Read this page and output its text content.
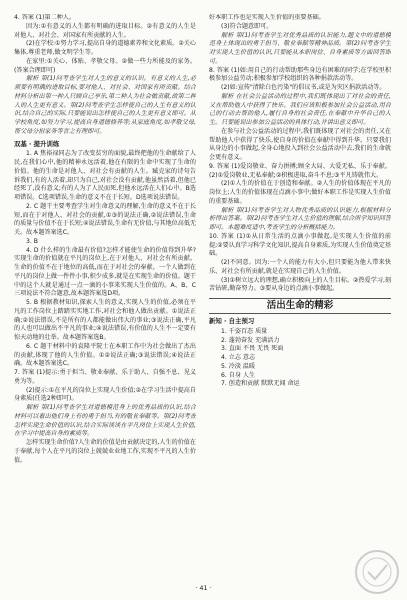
4. 答案 (1)第二种人。

因为:①有意义的人生都有明确的进取目标。②有意义的人生是对他人、对社会、对国家有所贡献的人生。

(2)在学校:①努力学习,提高自身的道德素养和文化素质。②关心集体,尊重老师,做文明学生等。

在家里:①关心、体贴、孝敬父母。②做一些力所能及的家务。(答案合理即可)

解析 第(1)问考查学生对人生的意义的认识。有意义的人生,必须要有明确的进取目标,要对他人、对社会、对国家有所贡献。结合材料分析出第一种人只顾自己享乐,第二种人为社会做贡献,故第二种人的人生更有意义。第(2)问考查学生怎样使自己的人生有意义的认识,结合自己的实际,只要能说出怎样使自己的人生更有意义即可。从学校角度,如努力学习,提高自身道德修养等;从家庭角度,如孝敬父母,帮父母分担家务等言之有理即可。

双基 · 提升训练

1. A 焦裕禄同志为了改变贫穷的面貌,最终把他的生命献给了人民,在我们心中,他的精神永远活着,他在有限的生命中实现了生命的价值。他的生命是对他人、对社会有贡献的人生。臧克家的诗句告诉我们,有的人活着,却只为自己,对社会没有贡献,他虽然活着,但他已经死了,没有意义;有的人为了人民而死,但他永远活在人们心中。B选项错误。C选项错误,生命的意义不在于长短。D选项说法错误。

2. C 题干主要考查学生对生命意义的理解,生命的意义不在于长短,而在于对他人、对社会的贡献,①③的说法正确,②说法错误,生命的质量与价值不在于长短;④说法错误,生命有无价值,与其地位高低无关。故本题答案选C。

3. B

4. D 什么样的生命最有价值?怎样才能使生命的价值得到升华?实现生命的价值就在平凡的岗位上,在于对他人、对社会有所贡献。生命的价值不在于地位的高低,而在于对社会的奉献。一个人做到在平凡的岗位上做一件件小事,积少成多,就是在实现生命的价值。题干中的这个人就是通过一点一滴的小事来实现人生价值的。A、B、C三项说法不符合题意,故本题答案选D项。

5. B 根据教材知识,探索人生的意义,实现人生的价值,必须在平凡的工作岗位上踏踏实实地工作,对社会和他人做出贡献。①说法正确;②说法错误,不是所有的人都能做出伟大的事业;③说法正确,平凡的人也可以做出不平凡的事业;④说法错误,有价值的人生不一定要有惊天动地的壮举。故本题答案选B。

6. C 题干材料中的袁隆平院士在本职工作中为社会做出了杰出的贡献,体现了他的人生价值。①②说法正确;③说法错误;④说法正确。故本题答案选C。

7. 答案 (1)提示:勇于担当、敬业奉献、乐于助人、自强不息、见义勇为等。

(2)提示:①在平凡的岗位上实现人生价值;②在学习生活中提高自身素质(任选2种即可)。

解析 第(1)问考查学生对道德模范身上的优秀品质的认识,结合材料可以看出他们身上有的勇于担当,有的敬业奉献等。第(2)问考查怎样实现生命价值的认识,结合实际谈谈在平凡岗位上实现人生价值,在学习中提高自身的素质等。

怎样实现生命价值?人生命的价值是由贡献决定的,人生的价值在于奉献,每个人在平凡的岗位上兢兢业业地工作,实现不平凡的人生价值。

好本职工作也是实现人生价值的重要基础。

(3)符合题意即可。

解析 第(1)问考查学生对优秀品质的认识能力,题文中的道德模范身上体现出的勇于担当、敬业奉献等精神品质。第(2)问考查学生对实现人生价值的认识,只要能从本职岗位、自身素质等方面回答即可。

8. 答案 (1)如:用自己的行动帮助那些身边有困难的同学;在学校里积极参加公益劳动;积极参加学校组织的各种捐款活动等。

(2)如:宣传"清除白色污染"的倡议书,或是为灾区捐款活动等。

解析 在社会公益活动的过程中,我们既体现出了对社会的责任,又在帮助他人中获得了快乐。我们应该积极参加社会公益活动,用自己的行动去帮助他人,履行自身的社会责任,在奉献中升华自己的人生。只要能说出参加公益活动的具体行动,并讲出意义即可。

在参与社会公益活动的过程中,我们既体现了对社会的责任,又在帮助他人中获得了快乐,使自身的价值在奉献中得到升华。只要我们从身边的小事做起,全身心地投入到社会公益活动中去,我们的生命就会更有意义。

9. 答案 (1)爱岗敬业、奋力拼搏;顾全大局、大爱无私、乐于奉献。(2)①爱岗敬业,无私奉献;②积极进取,奋斗不息;③平凡铸就伟大。

(2)①人生的价值在于创造和奉献。②人生的价值体现在平凡的岗位上;人生的价值体现在点滴小事中;做好本职工作是实现人生价值的重要基础。

解析 第(1)问考查学生对人物优秀品质的认识能力,根据材料分析得出答案。第(2)问考查学生对人生价值的理解,结合所学知识回答即可。本题难度适中,考查学生的分析概括能力。

10. 答案 (1)①从日常生活的点滴小事做起,是实现人生价值的前提;②要认真学习科学文化知识,提高自身素质,为实现人生价值奠定基础。

(2)不同意。因为:一个人的能力有大小,但只要能为他人带来快乐、对社会有所贡献,就是在实现自己的人生价值。

(3)①树立远大的理想,确立积极向上的人生目标。②热爱学习,刻苦钻研,勤奋努力。③要从身边的点滴小事做起。

活出生命的精彩
新知 · 自主预习

1. 千姿百态 质量

2. 蓬勃奋发 充满活力

3. 直面 不畏 无畏 死面

4. 立志 意志

5. 冷淡 温暖

6. 自身 人生

7. 创造和贡献 默默无闻 命运

· 41 ·
